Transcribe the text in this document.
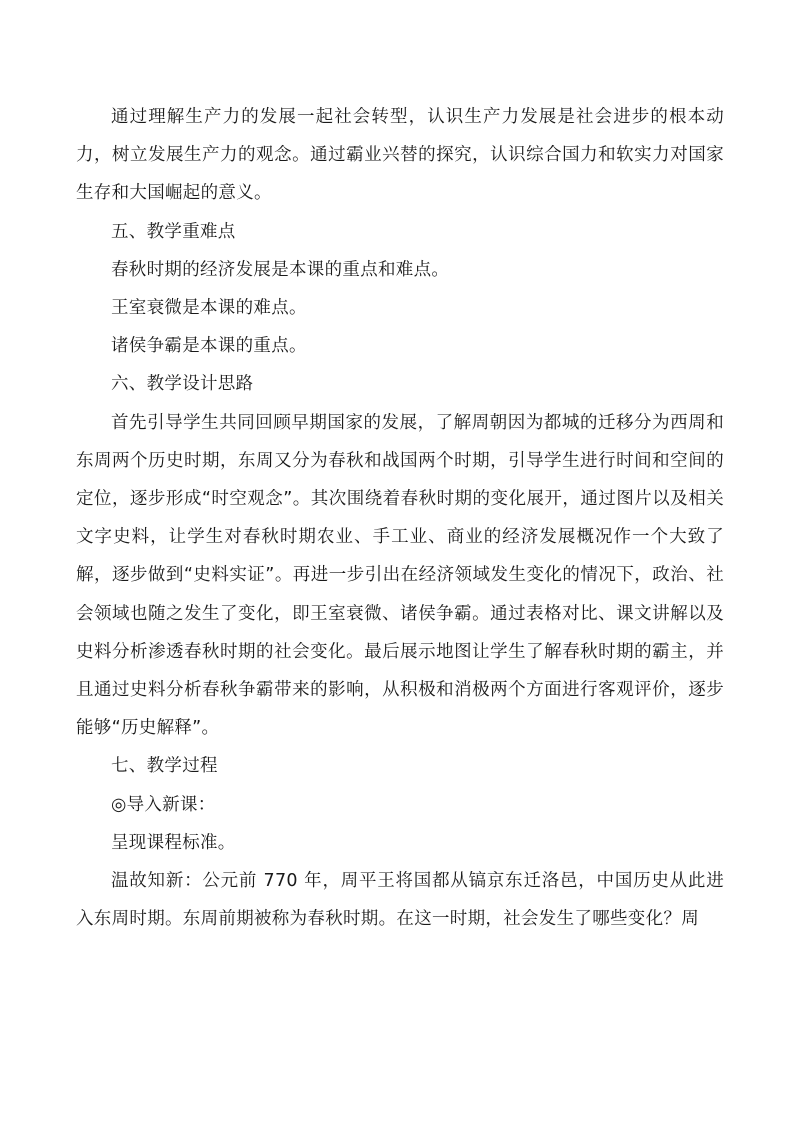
通过理解生产力的发展一起社会转型，认识生产力发展是社会进步的根本动力，树立发展生产力的观念。通过霸业兴替的探究，认识综合国力和软实力对国家生存和大国崛起的意义。

五、教学重难点

春秋时期的经济发展是本课的重点和难点。

王室衰微是本课的难点。

诸侯争霸是本课的重点。

六、教学设计思路

首先引导学生共同回顾早期国家的发展，了解周朝因为都城的迁移分为西周和东周两个历史时期，东周又分为春秋和战国两个时期，引导学生进行时间和空间的定位，逐步形成“时空观念”。其次围绕着春秋时期的变化展开，通过图片以及相关文字史料，让学生对春秋时期农业、手工业、商业的经济发展概况作一个大致了解，逐步做到“史料实证”。再进一步引出在经济领域发生变化的情况下，政治、社会领域也随之发生了变化，即王室衰微、诸侯争霸。通过表格对比、课文讲解以及史料分析渗透春秋时期的社会变化。最后展示地图让学生了解春秋时期的霸主，并且通过史料分析春秋争霸带来的影响，从积极和消极两个方面进行客观评价，逐步能够“历史解释”。

七、教学过程

◎导入新课：

呈现课程标准。

温故知新：公元前 770 年，周平王将国都从镐京东迁洛邑，中国历史从此进入东周时期。东周前期被称为春秋时期。在这一时期，社会发生了哪些变化？周
